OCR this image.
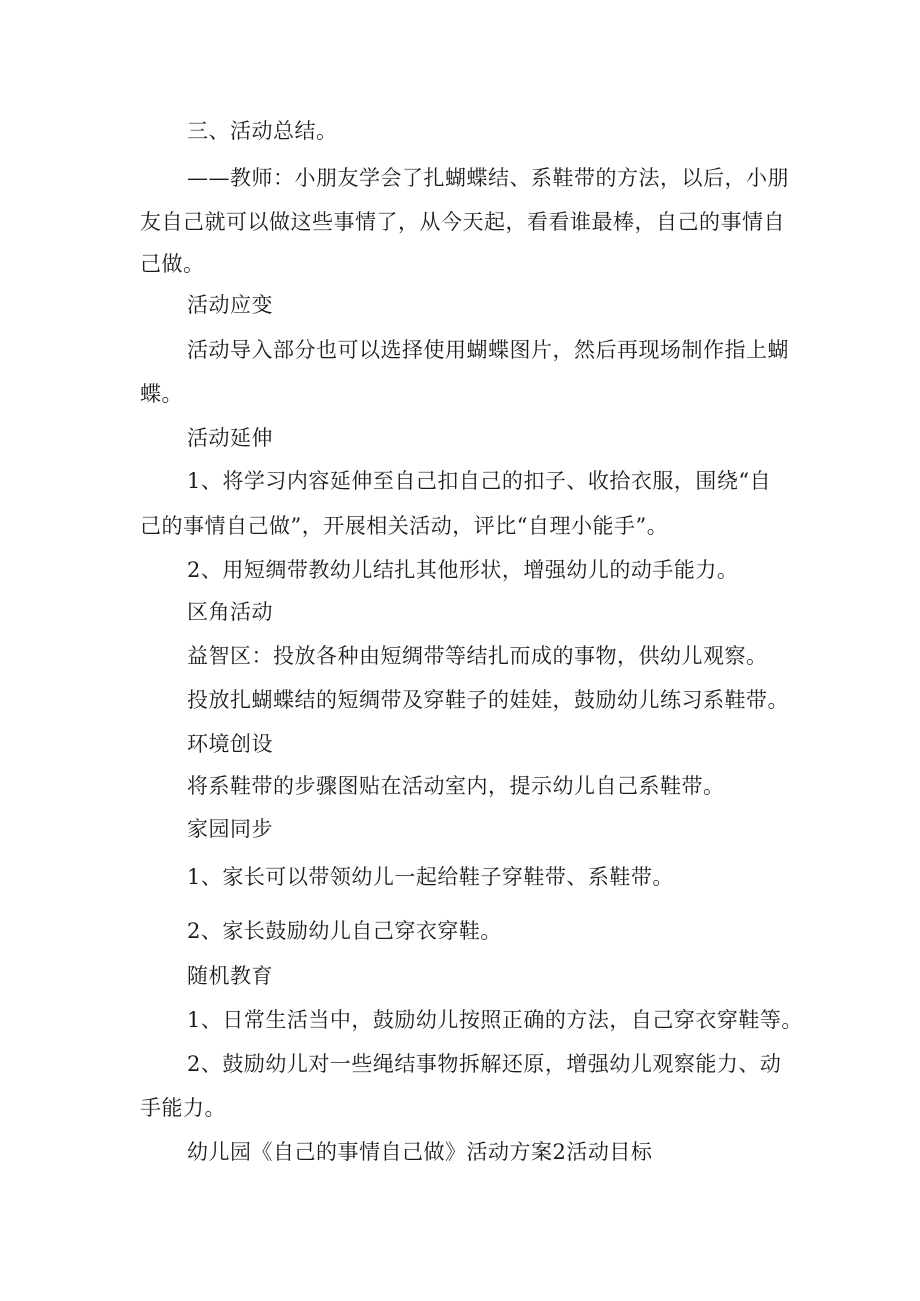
三、活动总结。
——教师：小朋友学会了扎蝴蝶结、系鞋带的方法，以后，小朋
友自己就可以做这些事情了，从今天起，看看谁最棒，自己的事情自
己做。
活动应变
活动导入部分也可以选择使用蝴蝶图片，然后再现场制作指上蝴
蝶。
活动延伸
1、将学习内容延伸至自己扣自己的扣子、收拾衣服，围绕“自
己的事情自己做”，开展相关活动，评比“自理小能手”。
2、用短绸带教幼儿结扎其他形状，增强幼儿的动手能力。
区角活动
益智区：投放各种由短绸带等结扎而成的事物，供幼儿观察。
投放扎蝴蝶结的短绸带及穿鞋子的娃娃，鼓励幼儿练习系鞋带。
环境创设
将系鞋带的步骤图贴在活动室内，提示幼儿自己系鞋带。
家园同步
1、家长可以带领幼儿一起给鞋子穿鞋带、系鞋带。
2、家长鼓励幼儿自己穿衣穿鞋。
随机教育
1、日常生活当中，鼓励幼儿按照正确的方法，自己穿衣穿鞋等。
2、鼓励幼儿对一些绳结事物拆解还原，增强幼儿观察能力、动
手能力。
幼儿园《自己的事情自己做》活动方案2活动目标
